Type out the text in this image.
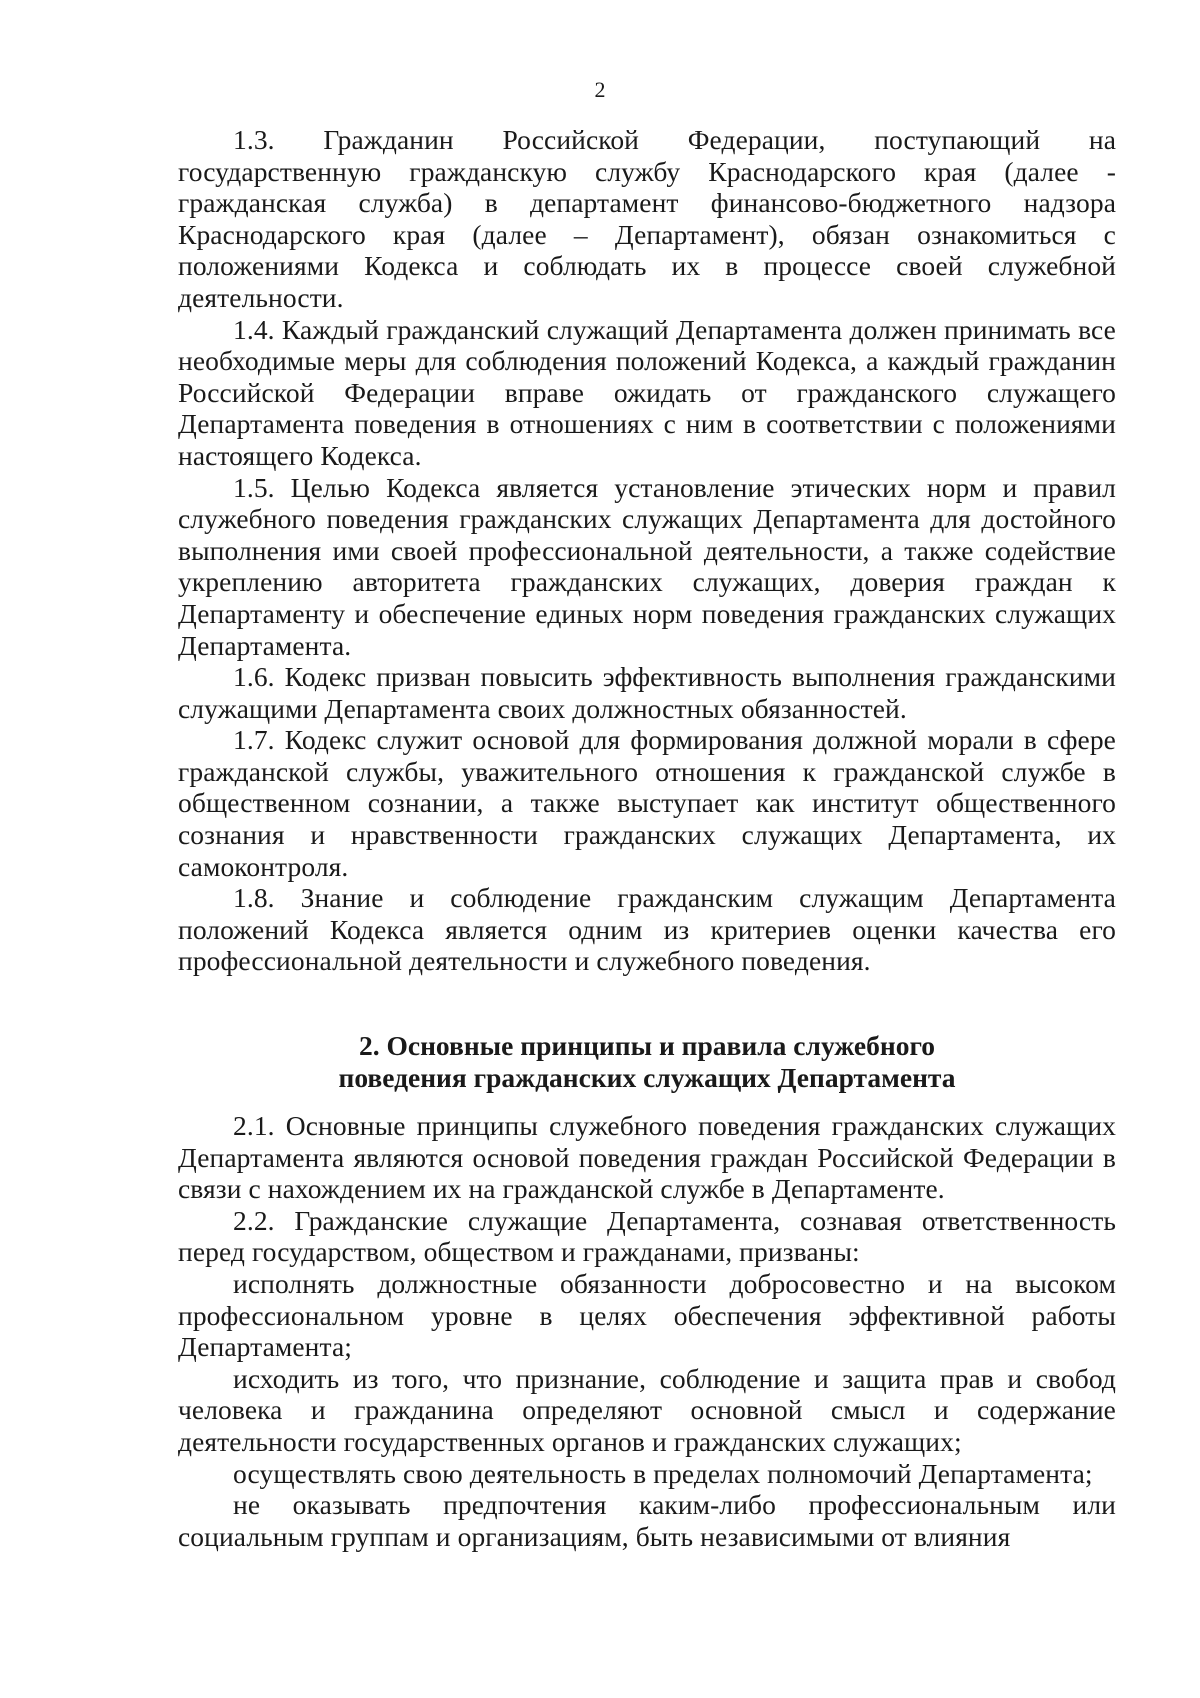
2

1.3. Гражданин Российской Федерации, поступающий на государственную гражданскую службу Краснодарского края (далее - гражданская служба) в департамент финансово-бюджетного надзора Краснодарского края (далее – Департамент), обязан ознакомиться с положениями Кодекса и соблюдать их в процессе своей служебной деятельности.

1.4. Каждый гражданский служащий Департамента должен принимать все необходимые меры для соблюдения положений Кодекса, а каждый гражданин Российской Федерации вправе ожидать от гражданского служащего Департамента поведения в отношениях с ним в соответствии с положениями настоящего Кодекса.

1.5. Целью Кодекса является установление этических норм и правил служебного поведения гражданских служащих Департамента для достойного выполнения ими своей профессиональной деятельности, а также содействие укреплению авторитета гражданских служащих, доверия граждан к Департаменту и обеспечение единых норм поведения гражданских служащих Департамента.

1.6. Кодекс призван повысить эффективность выполнения гражданскими служащими Департамента своих должностных обязанностей.

1.7. Кодекс служит основой для формирования должной морали в сфере гражданской службы, уважительного отношения к гражданской службе в общественном сознании, а также выступает как институт общественного сознания и нравственности гражданских служащих Департамента, их самоконтроля.

1.8. Знание и соблюдение гражданским служащим Департамента положений Кодекса является одним из критериев оценки качества его профессиональной деятельности и служебного поведения.

2. Основные принципы и правила служебного
поведения гражданских служащих Департамента

2.1. Основные принципы служебного поведения гражданских служащих Департамента являются основой поведения граждан Российской Федерации в связи с нахождением их на гражданской службе в Департаменте.

2.2. Гражданские служащие Департамента, сознавая ответственность перед государством, обществом и гражданами, призваны:

исполнять должностные обязанности добросовестно и на высоком профессиональном уровне в целях обеспечения эффективной работы Департамента;

исходить из того, что признание, соблюдение и защита прав и свобод человека и гражданина определяют основной смысл и содержание деятельности государственных органов и гражданских служащих;

осуществлять свою деятельность в пределах полномочий Департамента;

не оказывать предпочтения каким-либо профессиональным или социальным группам и организациям, быть независимыми от влияния
